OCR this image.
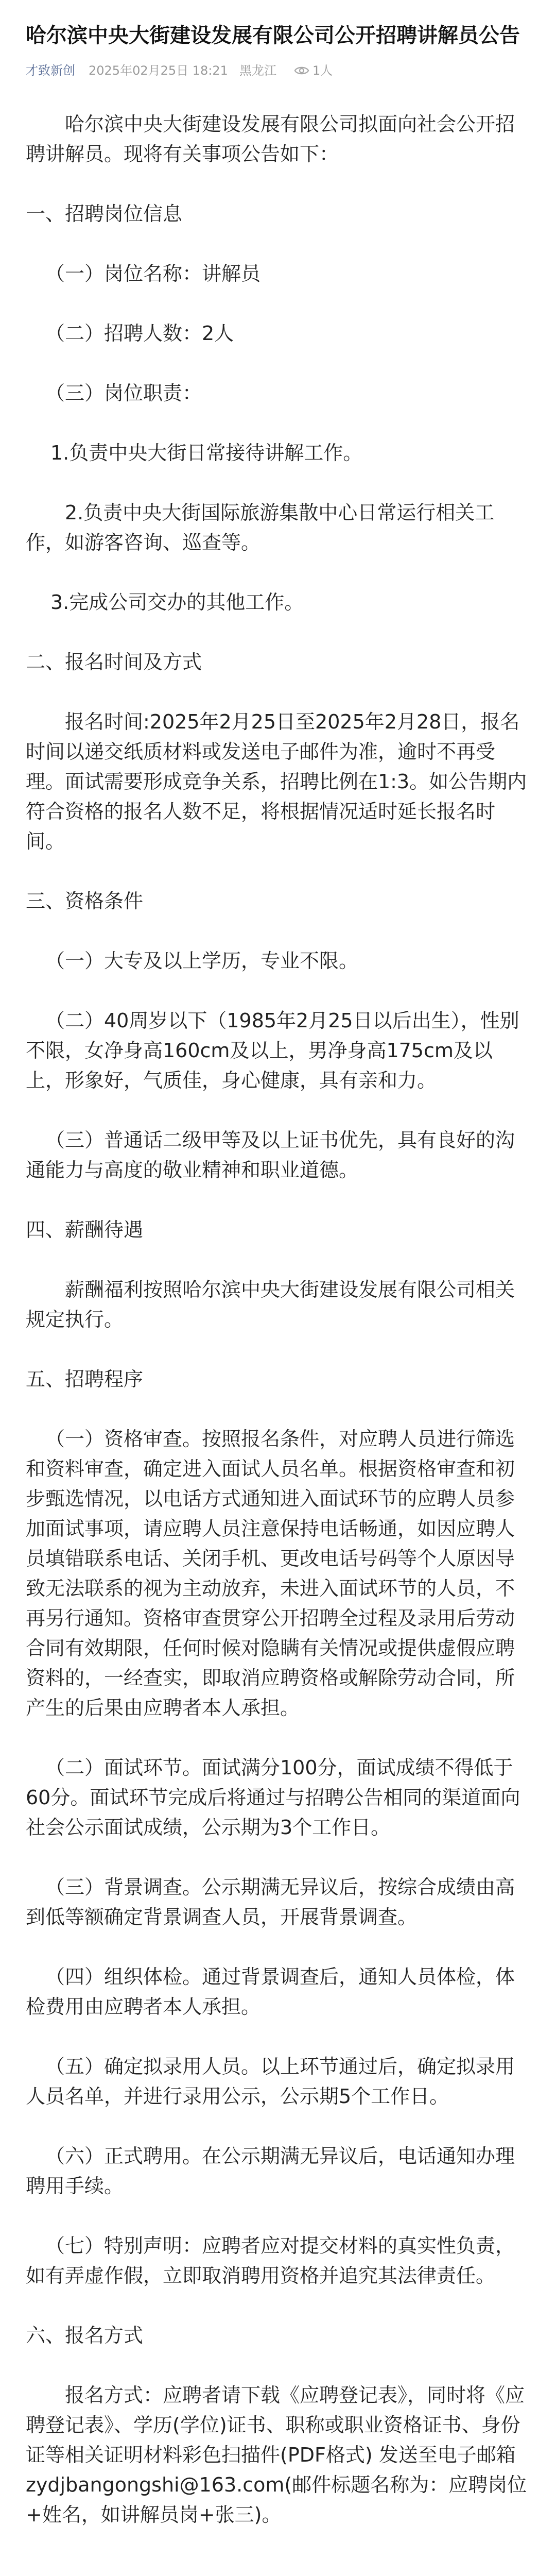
哈尔滨中央大街建设发展有限公司公开招聘讲解员公告
才致新创 2025年02月25日 18:21 黑龙江	1人

哈尔滨中央大街建设发展有限公司拟面向社会公开招聘讲解员。现将有关事项公告如下：

一、招聘岗位信息

（一）岗位名称：讲解员

（二）招聘人数：2人

（三）岗位职责：

1.负责中央大街日常接待讲解工作。

2.负责中央大街国际旅游集散中心日常运行相关工作，如游客咨询、巡查等。

3.完成公司交办的其他工作。

二、报名时间及方式

报名时间:2025年2月25日至2025年2月28日，报名时间以递交纸质材料或发送电子邮件为准，逾时不再受理。面试需要形成竞争关系，招聘比例在1:3。如公告期内符合资格的报名人数不足，将根据情况适时延长报名时间。

三、资格条件

（一）大专及以上学历，专业不限。

（二）40周岁以下（1985年2月25日以后出生），性别不限，女净身高160cm及以上，男净身高175cm及以上，形象好，气质佳，身心健康，具有亲和力。

（三）普通话二级甲等及以上证书优先，具有良好的沟通能力与高度的敬业精神和职业道德。

四、薪酬待遇

薪酬福利按照哈尔滨中央大街建设发展有限公司相关规定执行。

五、招聘程序

（一）资格审查。按照报名条件，对应聘人员进行筛选和资料审查，确定进入面试人员名单。根据资格审查和初步甄选情况，以电话方式通知进入面试环节的应聘人员参加面试事项，请应聘人员注意保持电话畅通，如因应聘人员填错联系电话、关闭手机、更改电话号码等个人原因导致无法联系的视为主动放弃，未进入面试环节的人员，不再另行通知。资格审查贯穿公开招聘全过程及录用后劳动合同有效期限，任何时候对隐瞒有关情况或提供虚假应聘资料的，一经查实，即取消应聘资格或解除劳动合同，所产生的后果由应聘者本人承担。

（二）面试环节。面试满分100分，面试成绩不得低于60分。面试环节完成后将通过与招聘公告相同的渠道面向社会公示面试成绩，公示期为3个工作日。

（三）背景调查。公示期满无异议后，按综合成绩由高到低等额确定背景调查人员，开展背景调查。

（四）组织体检。通过背景调查后，通知人员体检，体检费用由应聘者本人承担。

（五）确定拟录用人员。以上环节通过后，确定拟录用人员名单，并进行录用公示，公示期5个工作日。

（六）正式聘用。在公示期满无异议后，电话通知办理聘用手续。

（七）特别声明：应聘者应对提交材料的真实性负责，如有弄虚作假，立即取消聘用资格并追究其法律责任。

六、报名方式

报名方式：应聘者请下载《应聘登记表》，同时将《应聘登记表》、学历(学位)证书、职称或职业资格证书、身份证等相关证明材料彩色扫描件(PDF格式) 发送至电子邮箱zydjbangongshi@163.com(邮件标题名称为：应聘岗位+姓名，如讲解员岗+张三)。
